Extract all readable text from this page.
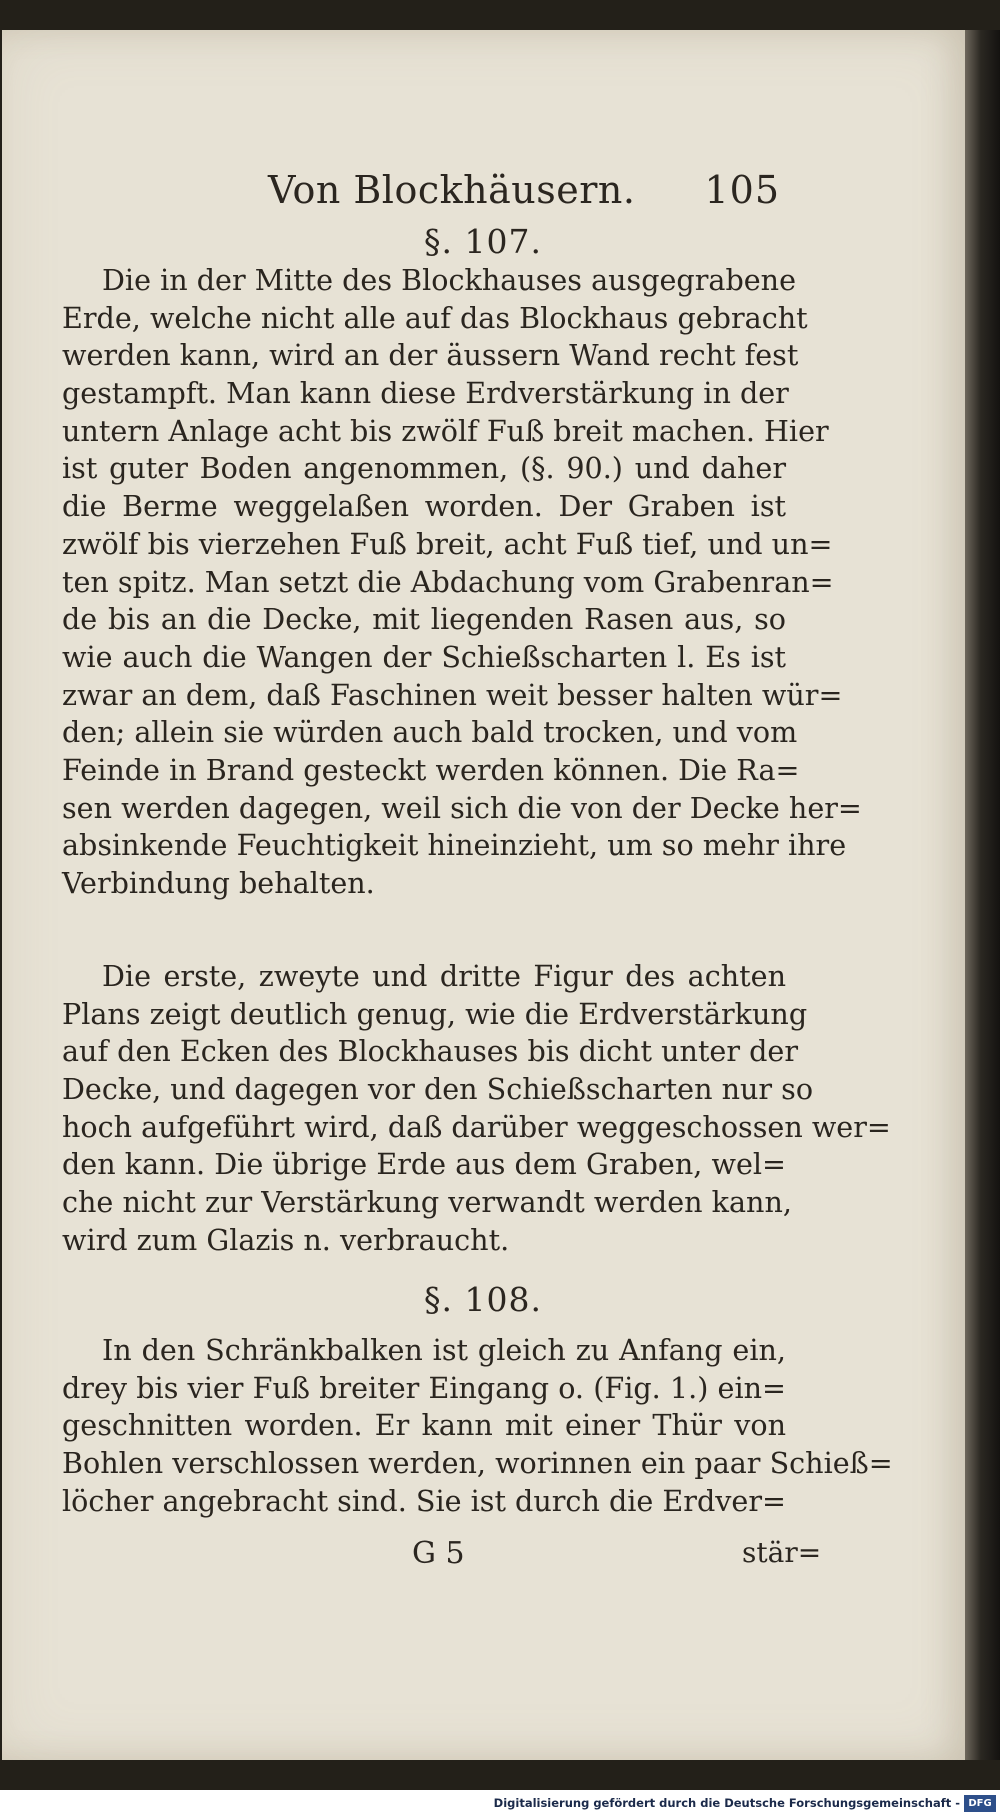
Von Blockhäusern. 105
§. 107.
Die in der Mitte des Blockhauses ausgegrabene
Erde, welche nicht alle auf das Blockhaus gebracht
werden kann, wird an der äussern Wand recht fest
gestampft. Man kann diese Erdverstärkung in der
untern Anlage acht bis zwölf Fuß breit machen. Hier
ist guter Boden angenommen, (§. 90.) und daher
die Berme weggelaßen worden. Der Graben ist
zwölf bis vierzehen Fuß breit, acht Fuß tief, und un=
ten spitz. Man setzt die Abdachung vom Grabenran=
de bis an die Decke, mit liegenden Rasen aus, so
wie auch die Wangen der Schießscharten l. Es ist
zwar an dem, daß Faschinen weit besser halten wür=
den; allein sie würden auch bald trocken, und vom
Feinde in Brand gesteckt werden können. Die Ra=
sen werden dagegen, weil sich die von der Decke her=
absinkende Feuchtigkeit hineinzieht, um so mehr ihre
Verbindung behalten.
Die erste, zweyte und dritte Figur des achten
Plans zeigt deutlich genug, wie die Erdverstärkung
auf den Ecken des Blockhauses bis dicht unter der
Decke, und dagegen vor den Schießscharten nur so
hoch aufgeführt wird, daß darüber weggeschossen wer=
den kann. Die übrige Erde aus dem Graben, wel=
che nicht zur Verstärkung verwandt werden kann,
wird zum Glazis n. verbraucht.
§. 108.
In den Schränkbalken ist gleich zu Anfang ein,
drey bis vier Fuß breiter Eingang o. (Fig. 1.) ein=
geschnitten worden. Er kann mit einer Thür von
Bohlen verschlossen werden, worinnen ein paar Schieß=
löcher angebracht sind. Sie ist durch die Erdver=
G 5	stär=
Digitalisierung gefördert durch die Deutsche Forschungsgemeinschaft - DFG
